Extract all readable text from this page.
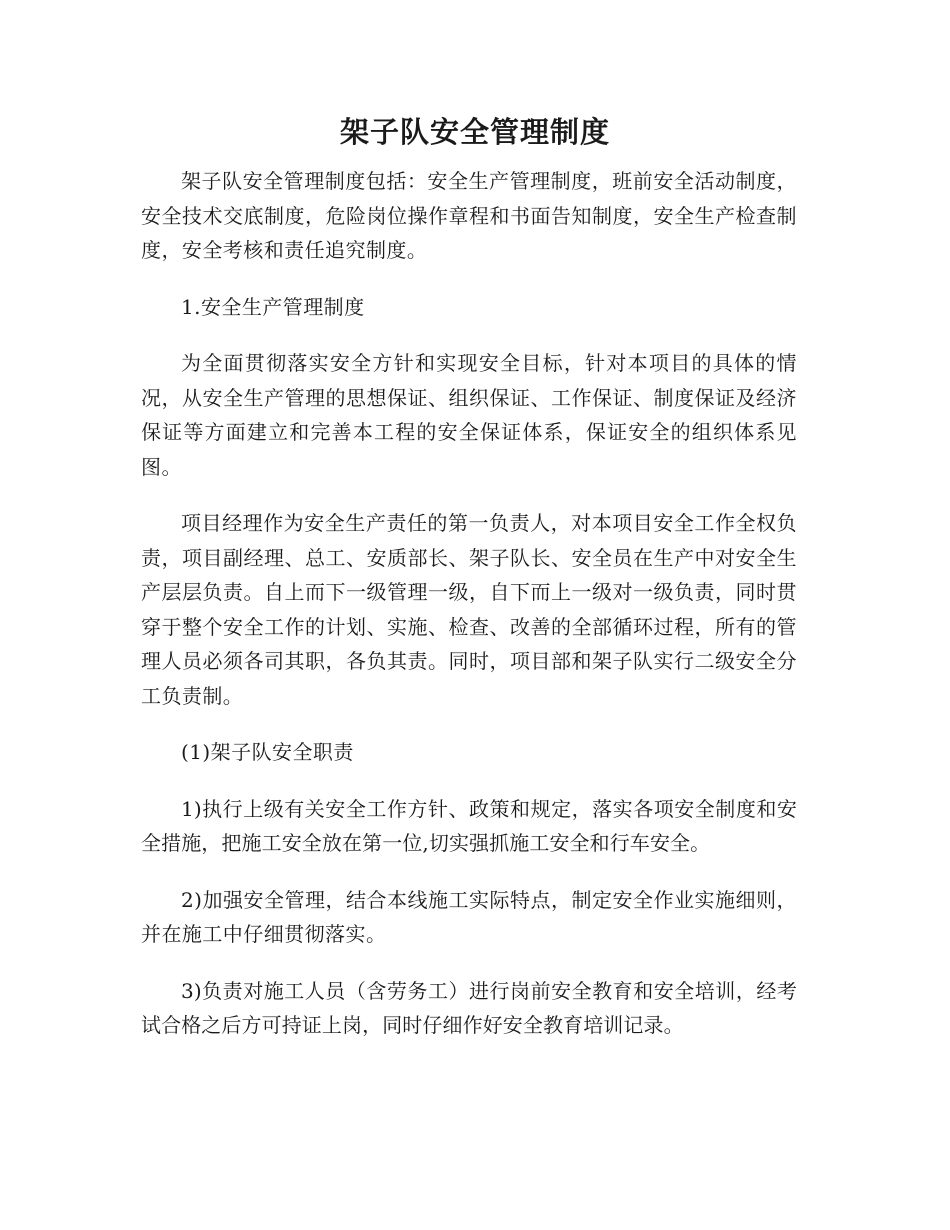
架子队安全管理制度

架子队安全管理制度包括：安全生产管理制度，班前安全活动制度，安全技术交底制度，危险岗位操作章程和书面告知制度，安全生产检查制度，安全考核和责任追究制度。

1.安全生产管理制度

为全面贯彻落实安全方针和实现安全目标，针对本项目的具体的情况，从安全生产管理的思想保证、组织保证、工作保证、制度保证及经济保证等方面建立和完善本工程的安全保证体系，保证安全的组织体系见图。

项目经理作为安全生产责任的第一负责人，对本项目安全工作全权负责，项目副经理、总工、安质部长、架子队长、安全员在生产中对安全生产层层负责。自上而下一级管理一级，自下而上一级对一级负责，同时贯穿于整个安全工作的计划、实施、检查、改善的全部循环过程，所有的管理人员必须各司其职，各负其责。同时，项目部和架子队实行二级安全分工负责制。

(1)架子队安全职责

1)执行上级有关安全工作方针、政策和规定，落实各项安全制度和安全措施，把施工安全放在第一位,切实强抓施工安全和行车安全。

2)加强安全管理，结合本线施工实际特点，制定安全作业实施细则，并在施工中仔细贯彻落实。

3)负责对施工人员（含劳务工）进行岗前安全教育和安全培训，经考试合格之后方可持证上岗，同时仔细作好安全教育培训记录。
